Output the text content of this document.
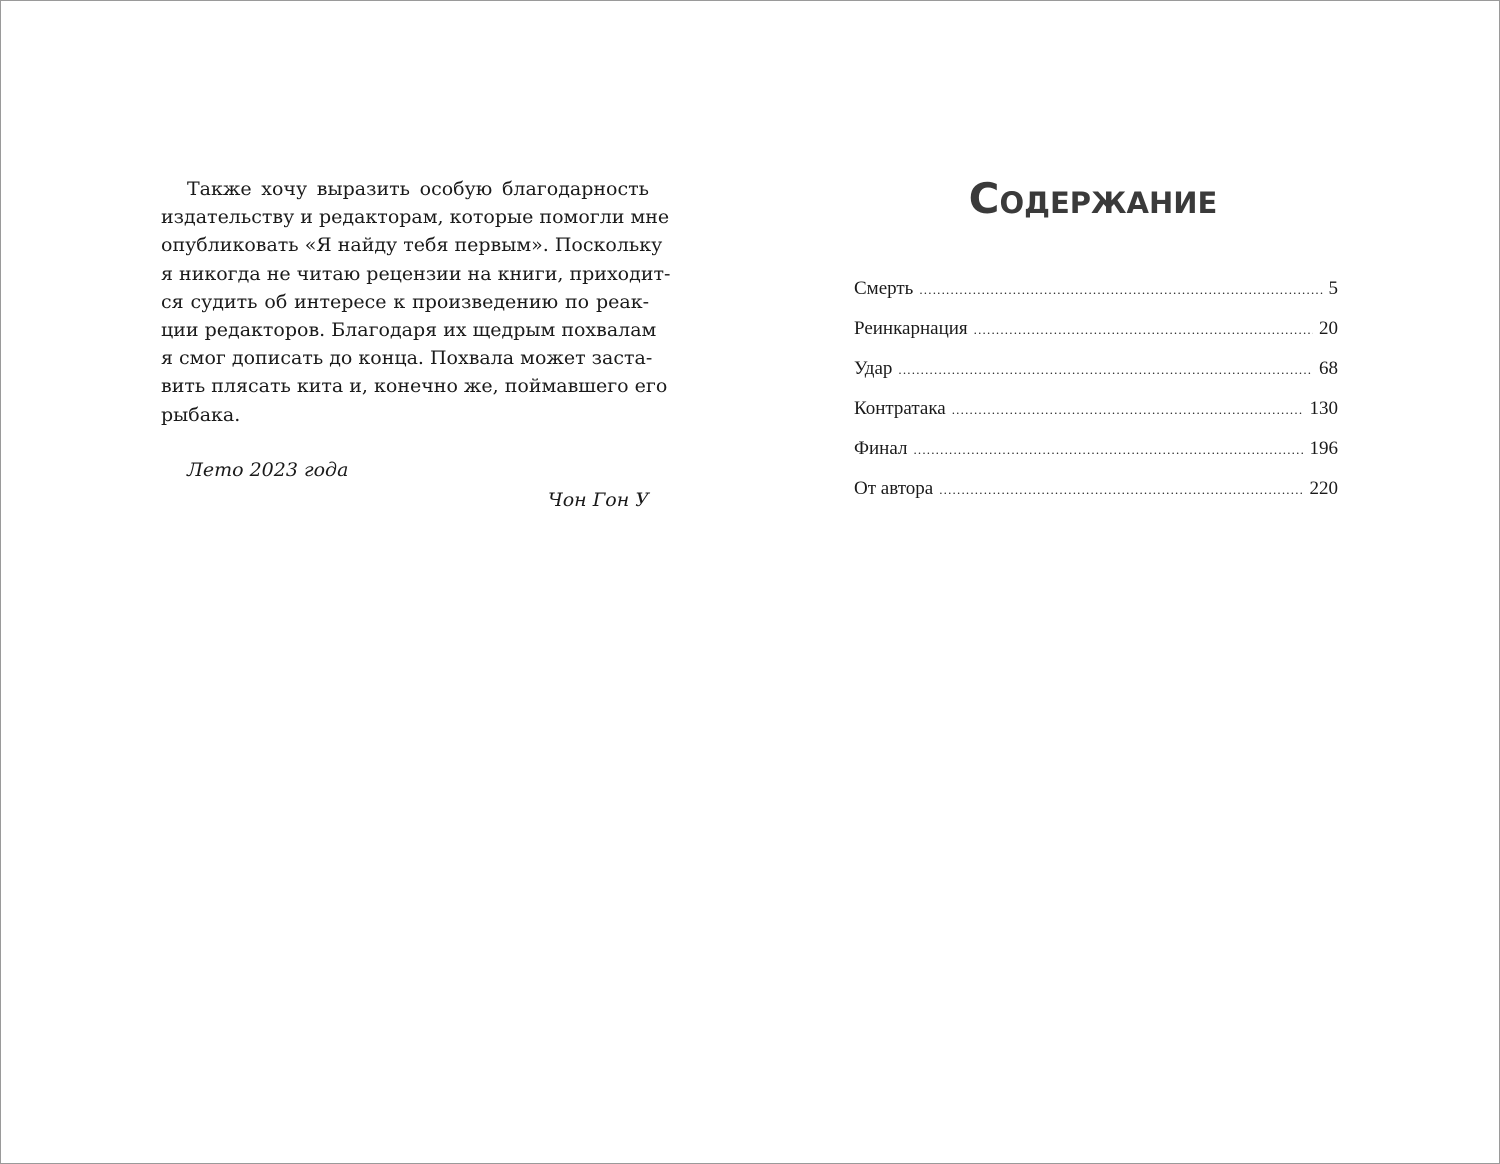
Также хочу выразить особую благодарность
издательству и редакторам, которые помогли мне
опубликовать «Я найду тебя первым». Поскольку
я никогда не читаю рецензии на книги, приходит-
ся судить об интересе к произведению по реак-
ции редакторов. Благодаря их щедрым похвалам
я смог дописать до конца. Похвала может заста-
вить плясать кита и, конечно же, поймавшего его
рыбака.

Лето 2023 года
Чон Гон У
Содержание
Смерть .....	5
Реинкарнация .....	20
Удар .....	68
Контратака .....	130
Финал .....	196
От автора .....	220
